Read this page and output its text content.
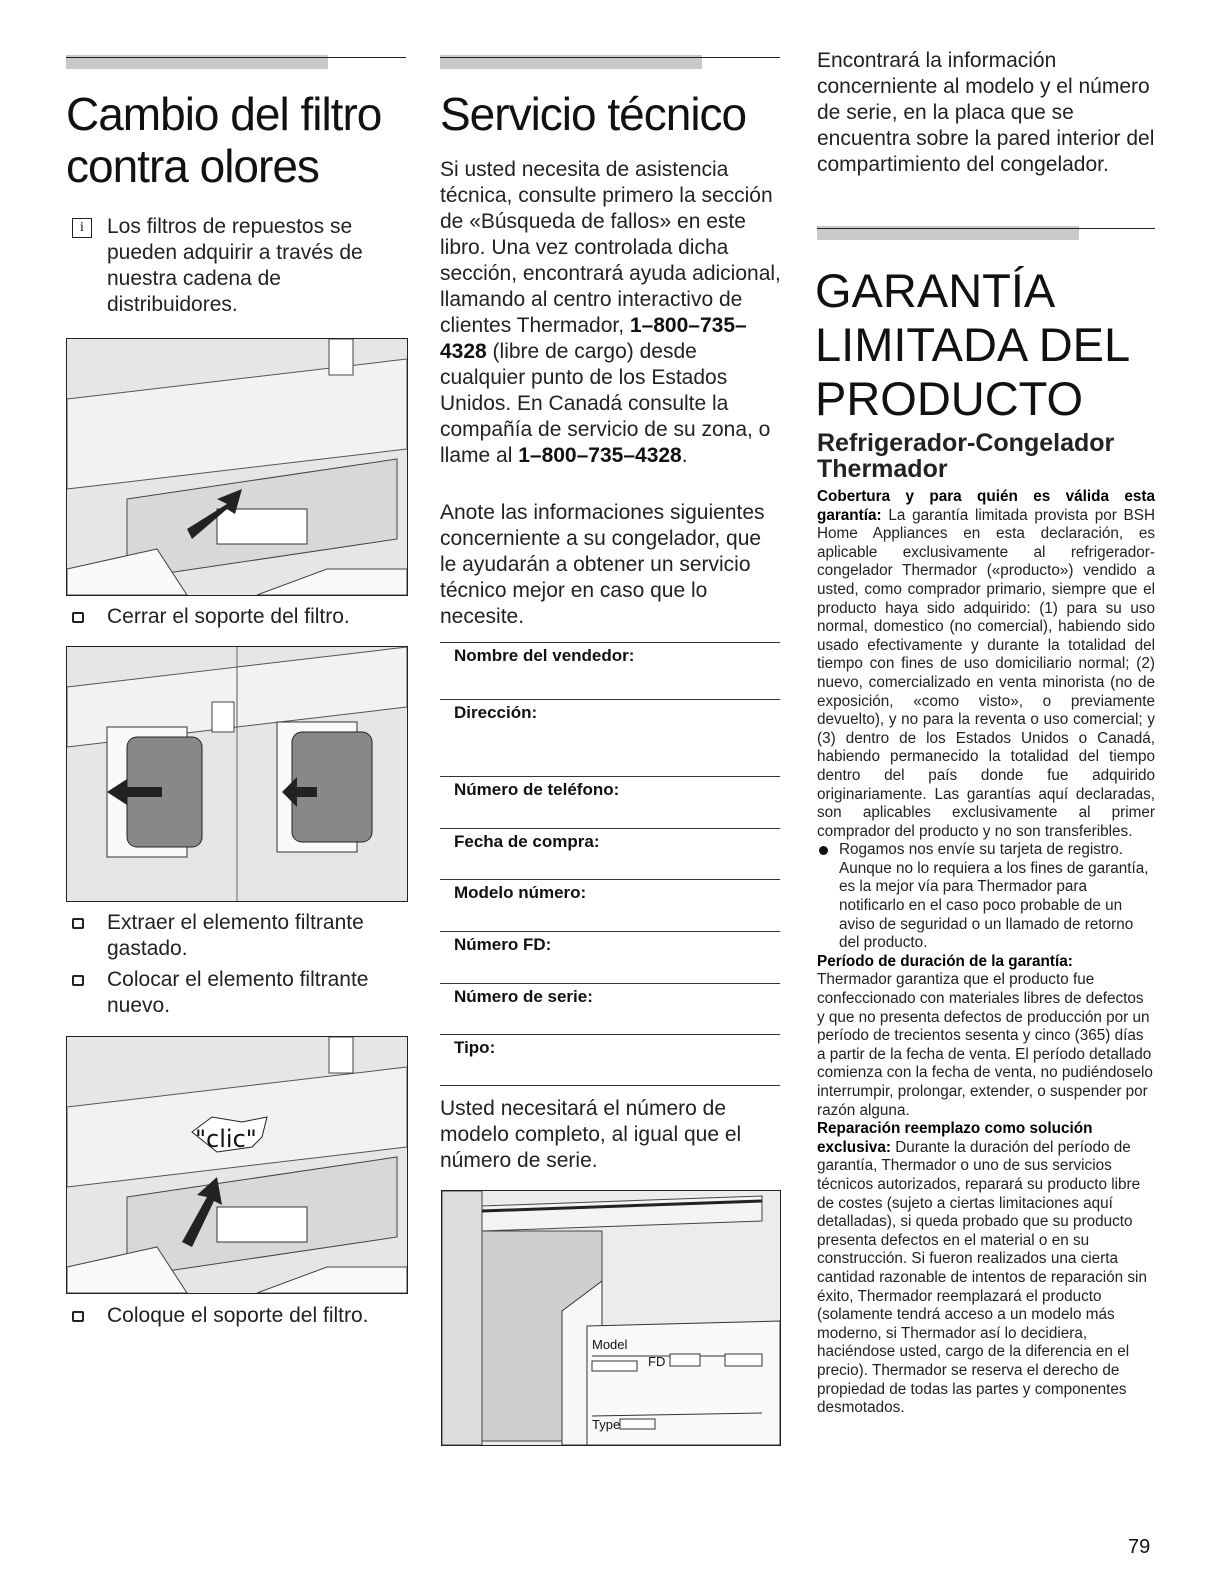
Cambio del filtro contra olores
i	Los filtros de repuestos se pueden adquirir a través de nuestra cadena de distribuidores.

Cerrar el soporte del filtro.
Extraer el elemento filtrante gastado.
Colocar el elemento filtrante nuevo.
"clic"
Coloque el soporte del filtro.
Servicio técnico

Si usted necesita de asistencia técnica, consulte primero la sección de «Búsqueda de fallos» en este libro. Una vez controlada dicha sección, encontrará ayuda adicional, llamando al centro interactivo de clientes Thermador, 1–800–735–4328 (libre de cargo) desde cualquier punto de los Estados Unidos. En Canadá consulte la compañía de servicio de su zona, o llame al 1–800–735–4328.

Anote las informaciones siguientes concerniente a su congelador, que le ayudarán a obtener un servicio técnico mejor en caso que lo necesite.

Nombre del vendedor:
Dirección:
Número de teléfono:
Fecha de compra:
Modelo número:
Número FD:
Número de serie:
Tipo:

Usted necesitará el número de modelo completo, al igual que el número de serie.

Model
FD
Type

Encontrará la información concerniente al modelo y el número de serie, en la placa que se encuentra sobre la pared interior del compartimiento del congelador.

GARANTÍA
LIMITADA DEL
PRODUCTO
Refrigerador-Congelador Thermador
Cobertura y para quién es válida esta garantía: La garantía limitada provista por BSH Home Appliances en esta declaración, es aplicable exclusivamente al refrigerador-congelador Thermador («producto») vendido a usted, como comprador primario, siempre que el producto haya sido adquirido: (1) para su uso normal, domestico (no comercial), habiendo sido usado efectivamente y durante la totalidad del tiempo con fines de uso domiciliario normal; (2) nuevo, comercializado en venta minorista (no de exposición, «como visto», o previamente devuelto), y no para la reventa o uso comercial; y (3) dentro de los Estados Unidos o Canadá, habiendo permanecido la totalidad del tiempo dentro del país donde fue adquirido originariamente. Las garantías aquí declaradas, son aplicables exclusivamente al primer comprador del producto y no son transferibles.
Rogamos nos envíe su tarjeta de registro. Aunque no lo requiera a los fines de garantía, es la mejor vía para Thermador para notificarlo en el caso poco probable de un aviso de seguridad o un llamado de retorno del producto.
Período de duración de la garantía:
Thermador garantiza que el producto fue confeccionado con materiales libres de defectos y que no presenta defectos de producción por un período de trecientos sesenta y cinco (365) días a partir de la fecha de venta. El período detallado comienza con la fecha de venta, no pudiéndoselo interrumpir, prolongar, extender, o suspender por razón alguna.
Reparación reemplazo como solución exclusiva: Durante la duración del período de garantía, Thermador o uno de sus servicios técnicos autorizados, reparará su producto libre de costes (sujeto a ciertas limitaciones aquí detalladas), si queda probado que su producto presenta defectos en el material o en su construcción. Si fueron realizados una cierta cantidad razonable de intentos de reparación sin éxito, Thermador reemplazará el producto (solamente tendrá acceso a un modelo más moderno, si Thermador así lo decidiera, haciéndose usted, cargo de la diferencia en el precio). Thermador se reserva el derecho de propiedad de todas las partes y componentes desmotados.
79
